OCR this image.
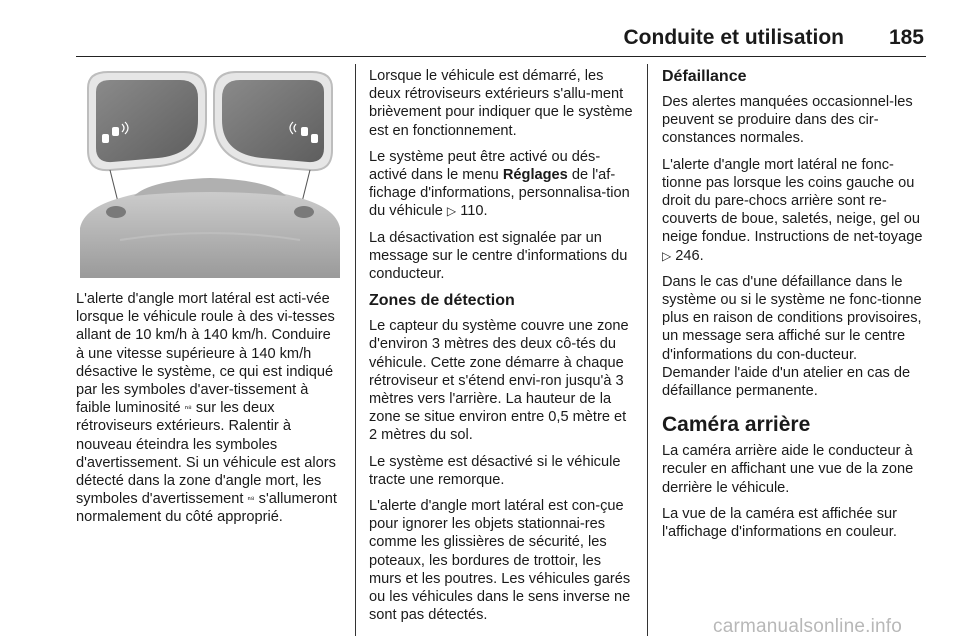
Conduite et utilisation 185

L'alerte d'angle mort latéral est acti-vée lorsque le véhicule roule à des vi-tesses allant de 10 km/h à 140 km/h. Conduire à une vitesse supérieure à 140 km/h désactive le système, ce qui est indiqué par les symboles d'aver-tissement à faible luminosité ⁿ⁸ sur les deux rétroviseurs extérieurs. Ralentir à nouveau éteindra les symboles d'avertissement. Si un véhicule est alors détecté dans la zone d'angle mort, les symboles d'avertissement ⁿ⁸ s'allumeront normalement du côté approprié.

Lorsque le véhicule est démarré, les deux rétroviseurs extérieurs s'allu-ment brièvement pour indiquer que le système est en fonctionnement.

Le système peut être activé ou dés-activé dans le menu Réglages de l'af-fichage d'informations, personnalisa-tion du véhicule ▷ 110.

La désactivation est signalée par un message sur le centre d'informations du conducteur.

Zones de détection

Le capteur du système couvre une zone d'environ 3 mètres des deux cô-tés du véhicule. Cette zone démarre à chaque rétroviseur et s'étend envi-ron jusqu'à 3 mètres vers l'arrière. La hauteur de la zone se situe environ entre 0,5 mètre et 2 mètres du sol.

Le système est désactivé si le véhicule tracte une remorque.

L'alerte d'angle mort latéral est con-çue pour ignorer les objets stationnai-res comme les glissières de sécurité, les poteaux, les bordures de trottoir, les murs et les poutres. Les véhicules garés ou les véhicules dans le sens inverse ne sont pas détectés.

Défaillance

Des alertes manquées occasionnel-les peuvent se produire dans des cir-constances normales.

L'alerte d'angle mort latéral ne fonc-tionne pas lorsque les coins gauche ou droit du pare-chocs arrière sont re-couverts de boue, saletés, neige, gel ou neige fondue. Instructions de net-toyage ▷ 246.

Dans le cas d'une défaillance dans le système ou si le système ne fonc-tionne plus en raison de conditions provisoires, un message sera affiché sur le centre d'informations du con-ducteur. Demander l'aide d'un atelier en cas de défaillance permanente.

Caméra arrière

La caméra arrière aide le conducteur à reculer en affichant une vue de la zone derrière le véhicule.

La vue de la caméra est affichée sur l'affichage d'informations en couleur.

carmanualsonline.info
